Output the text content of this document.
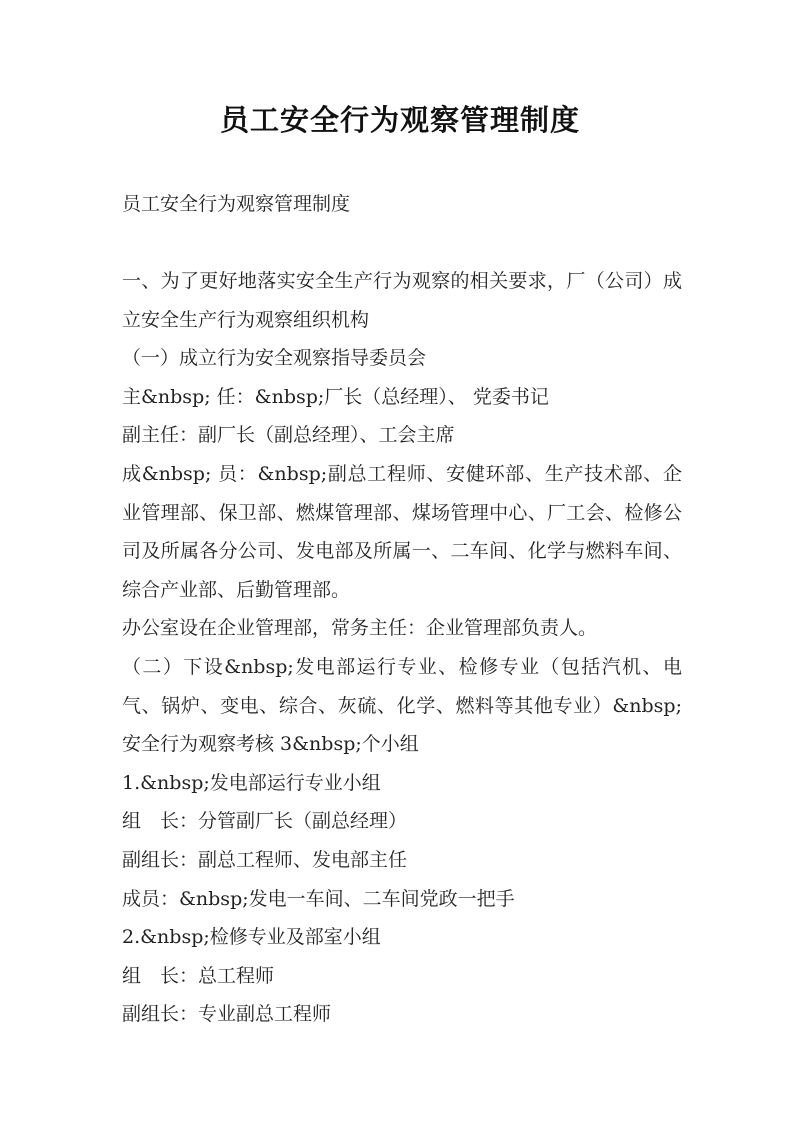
员工安全行为观察管理制度
员工安全行为观察管理制度

一、为了更好地落实安全生产行为观察的相关要求，厂（公司）成立安全生产行为观察组织机构

（一）成立行为安全观察指导委员会

主&nbsp; 任：&nbsp;厂长（总经理）、 党委书记

副主任：副厂长（副总经理）、工会主席

成&nbsp; 员：&nbsp;副总工程师、安健环部、生产技术部、企业管理部、保卫部、燃煤管理部、煤场管理中心、厂工会、检修公司及所属各分公司、发电部及所属一、二车间、化学与燃料车间、综合产业部、后勤管理部。

办公室设在企业管理部，常务主任：企业管理部负责人。

（二）下设&nbsp;发电部运行专业、检修专业（包括汽机、电气、锅炉、变电、综合、灰硫、化学、燃料等其他专业）&nbsp;安全行为观察考核 3&nbsp;个小组

1.&nbsp;发电部运行专业小组

组　长：分管副厂长（副总经理）

副组长：副总工程师、发电部主任

成员：&nbsp;发电一车间、二车间党政一把手

2.&nbsp;检修专业及部室小组

组　长：总工程师

副组长：专业副总工程师
